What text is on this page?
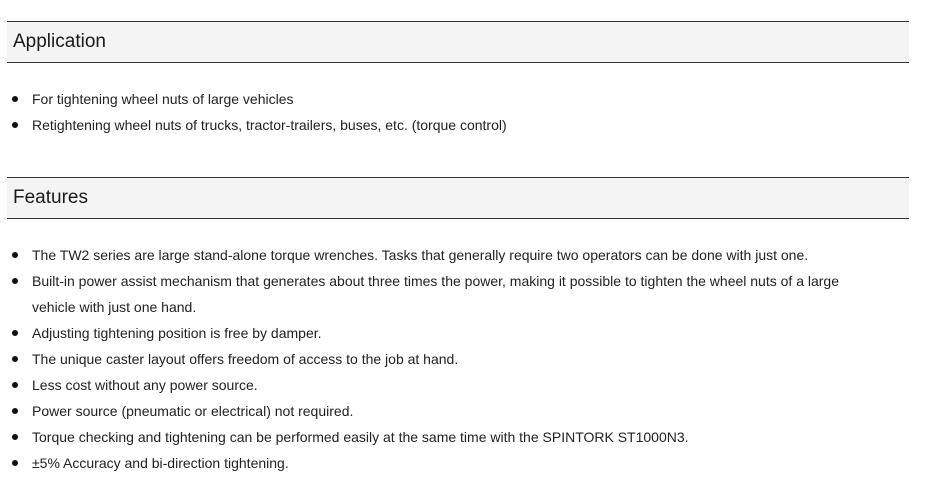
Application
For tightening wheel nuts of large vehicles
Retightening wheel nuts of trucks, tractor-trailers, buses, etc. (torque control)
Features
The TW2 series are large stand-alone torque wrenches. Tasks that generally require two operators can be done with just one.
Built-in power assist mechanism that generates about three times the power, making it possible to tighten the wheel nuts of a large vehicle with just one hand.
Adjusting tightening position is free by damper.
The unique caster layout offers freedom of access to the job at hand.
Less cost without any power source.
Power source (pneumatic or electrical) not required.
Torque checking and tightening can be performed easily at the same time with the SPINTORK ST1000N3.
±5% Accuracy and bi-direction tightening.
